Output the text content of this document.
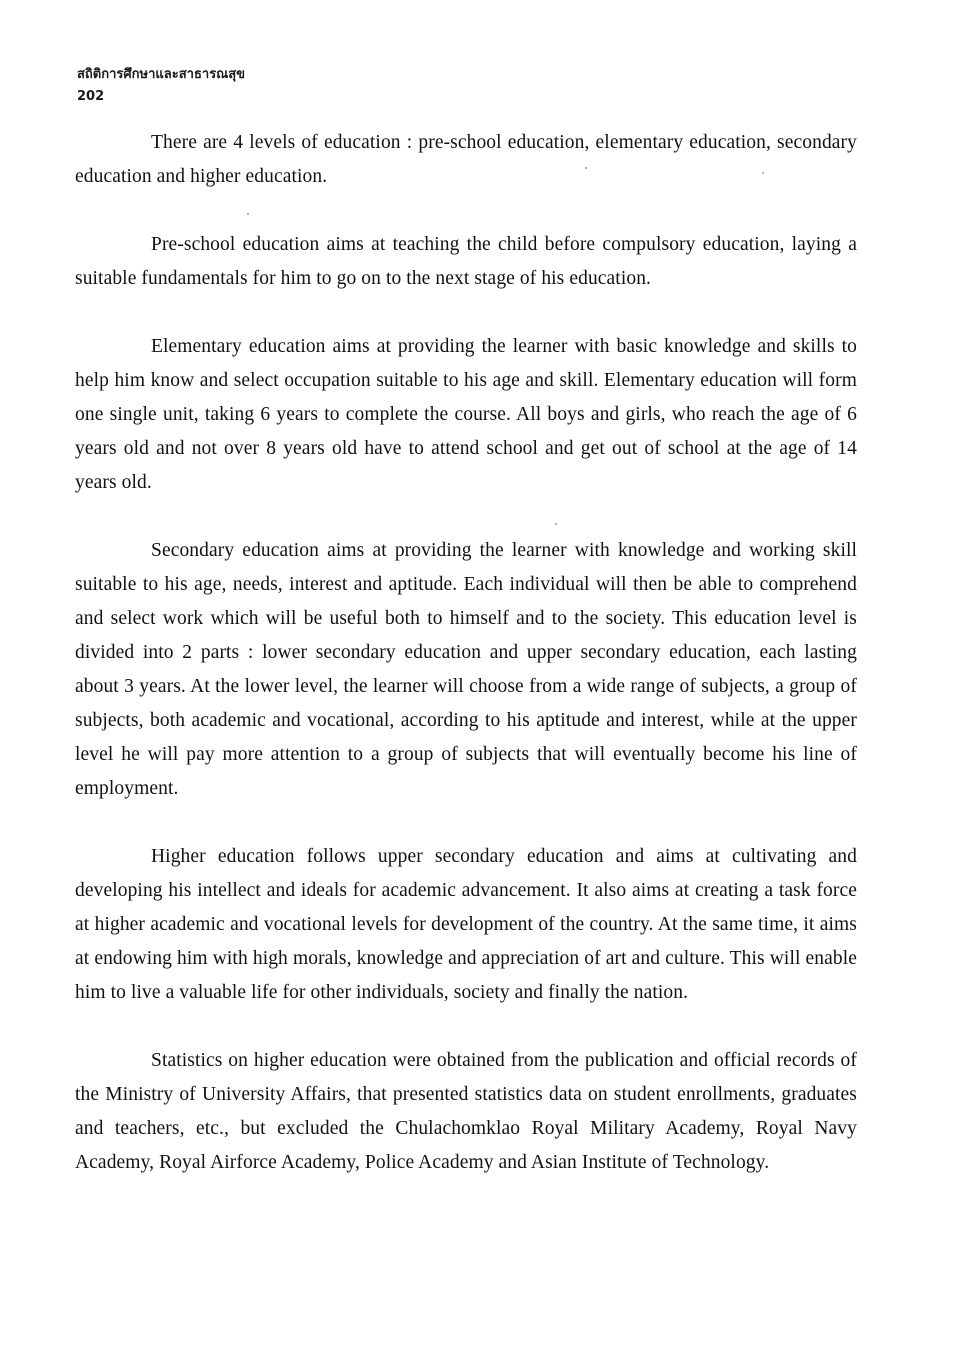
สถิติการศึกษาและสาธารณสุข
202

There are 4 levels of education : pre-school education, elementary education, secondary education and higher education.

Pre-school education aims at teaching the child before compulsory education, laying a suitable fundamentals for him to go on to the next stage of his education.

Elementary education aims at providing the learner with basic knowledge and skills to help him know and select occupation suitable to his age and skill. Elementary education will form one single unit, taking 6 years to complete the course. All boys and girls, who reach the age of 6 years old and not over 8 years old have to attend school and get out of school at the age of 14 years old.

Secondary education aims at providing the learner with knowledge and working skill suitable to his age, needs, interest and aptitude. Each individual will then be able to comprehend and select work which will be useful both to himself and to the society. This education level is divided into 2 parts : lower secondary education and upper secondary education, each lasting about 3 years. At the lower level, the learner will choose from a wide range of subjects, a group of subjects, both academic and vocational, according to his aptitude and interest, while at the upper level he will pay more attention to a group of subjects that will eventually become his line of employment.

Higher education follows upper secondary education and aims at cultivating and developing his intellect and ideals for academic advancement. It also aims at creating a task force at higher academic and vocational levels for development of the country. At the same time, it aims at endowing him with high morals, knowledge and appreciation of art and culture. This will enable him to live a valuable life for other individuals, society and finally the nation.

Statistics on higher education were obtained from the publication and official records of the Ministry of University Affairs, that presented statistics data on student enrollments, graduates and teachers, etc., but excluded the Chulachomklao Royal Military Academy, Royal Navy Academy, Royal Airforce Academy, Police Academy and Asian Institute of Technology.
